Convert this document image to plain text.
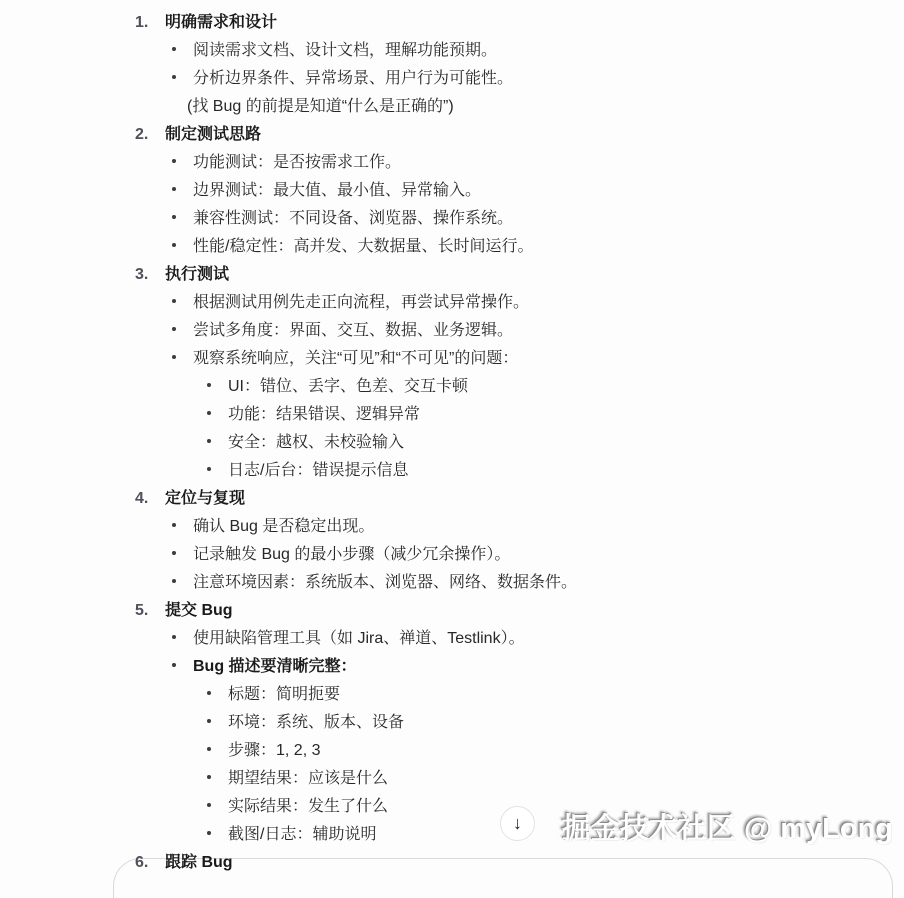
1. 明确需求和设计
阅读需求文档、设计文档，理解功能预期。
分析边界条件、异常场景、用户行为可能性。
(找 Bug 的前提是知道“什么是正确的”)
2. 制定测试思路
功能测试：是否按需求工作。
边界测试：最大值、最小值、异常输入。
兼容性测试：不同设备、浏览器、操作系统。
性能/稳定性：高并发、大数据量、长时间运行。
3. 执行测试
根据测试用例先走正向流程，再尝试异常操作。
尝试多角度：界面、交互、数据、业务逻辑。
观察系统响应，关注“可见”和“不可见”的问题：
UI：错位、丢字、色差、交互卡顿
功能：结果错误、逻辑异常
安全：越权、未校验输入
日志/后台：错误提示信息
4. 定位与复现
确认 Bug 是否稳定出现。
记录触发 Bug 的最小步骤（减少冗余操作）。
注意环境因素：系统版本、浏览器、网络、数据条件。
5. 提交 Bug
使用缺陷管理工具（如 Jira、禅道、Testlink）。
Bug 描述要清晰完整：
标题：简明扼要
环境：系统、版本、设备
步骤：1, 2, 3
期望结果：应该是什么
实际结果：发生了什么
截图/日志：辅助说明
6. 跟踪 Bug
↓ 掘金技术社区 @ myLong
